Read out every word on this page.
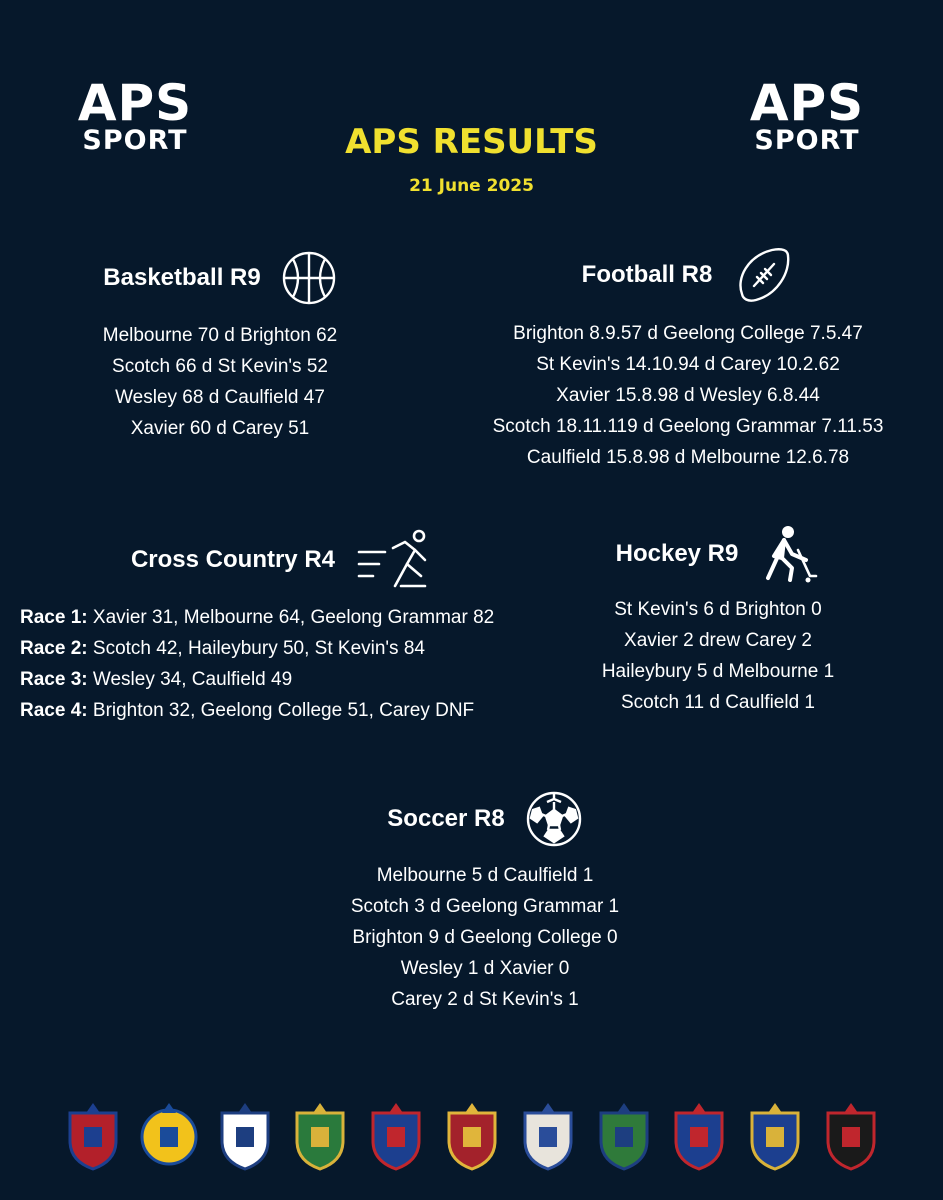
APS
SPORT
APS
SPORT
APS RESULTS
21 June 2025
Basketball R9
Melbourne 70 d Brighton 62
Scotch 66 d St Kevin's 52
Wesley 68 d Caulfield 47
Xavier 60 d Carey 51
Football R8
Brighton 8.9.57 d Geelong College 7.5.47
St Kevin's 14.10.94 d Carey 10.2.62
Xavier 15.8.98 d Wesley 6.8.44
Scotch 18.11.119 d Geelong Grammar 7.11.53
Caulfield 15.8.98 d Melbourne 12.6.78
Cross Country R4
Race 1: Xavier 31, Melbourne 64, Geelong Grammar 82
Race 2: Scotch 42, Haileybury 50, St Kevin's 84
Race 3: Wesley 34, Caulfield 49
Race 4: Brighton 32, Geelong College 51, Carey DNF
Hockey R9
St Kevin's 6 d Brighton 0
Xavier 2 drew Carey 2
Haileybury 5 d Melbourne 1
Scotch 11 d Caulfield 1
Soccer R8
Melbourne 5 d Caulfield 1
Scotch 3 d Geelong Grammar 1
Brighton 9 d Geelong College 0
Wesley 1 d Xavier 0
Carey 2 d St Kevin's 1
